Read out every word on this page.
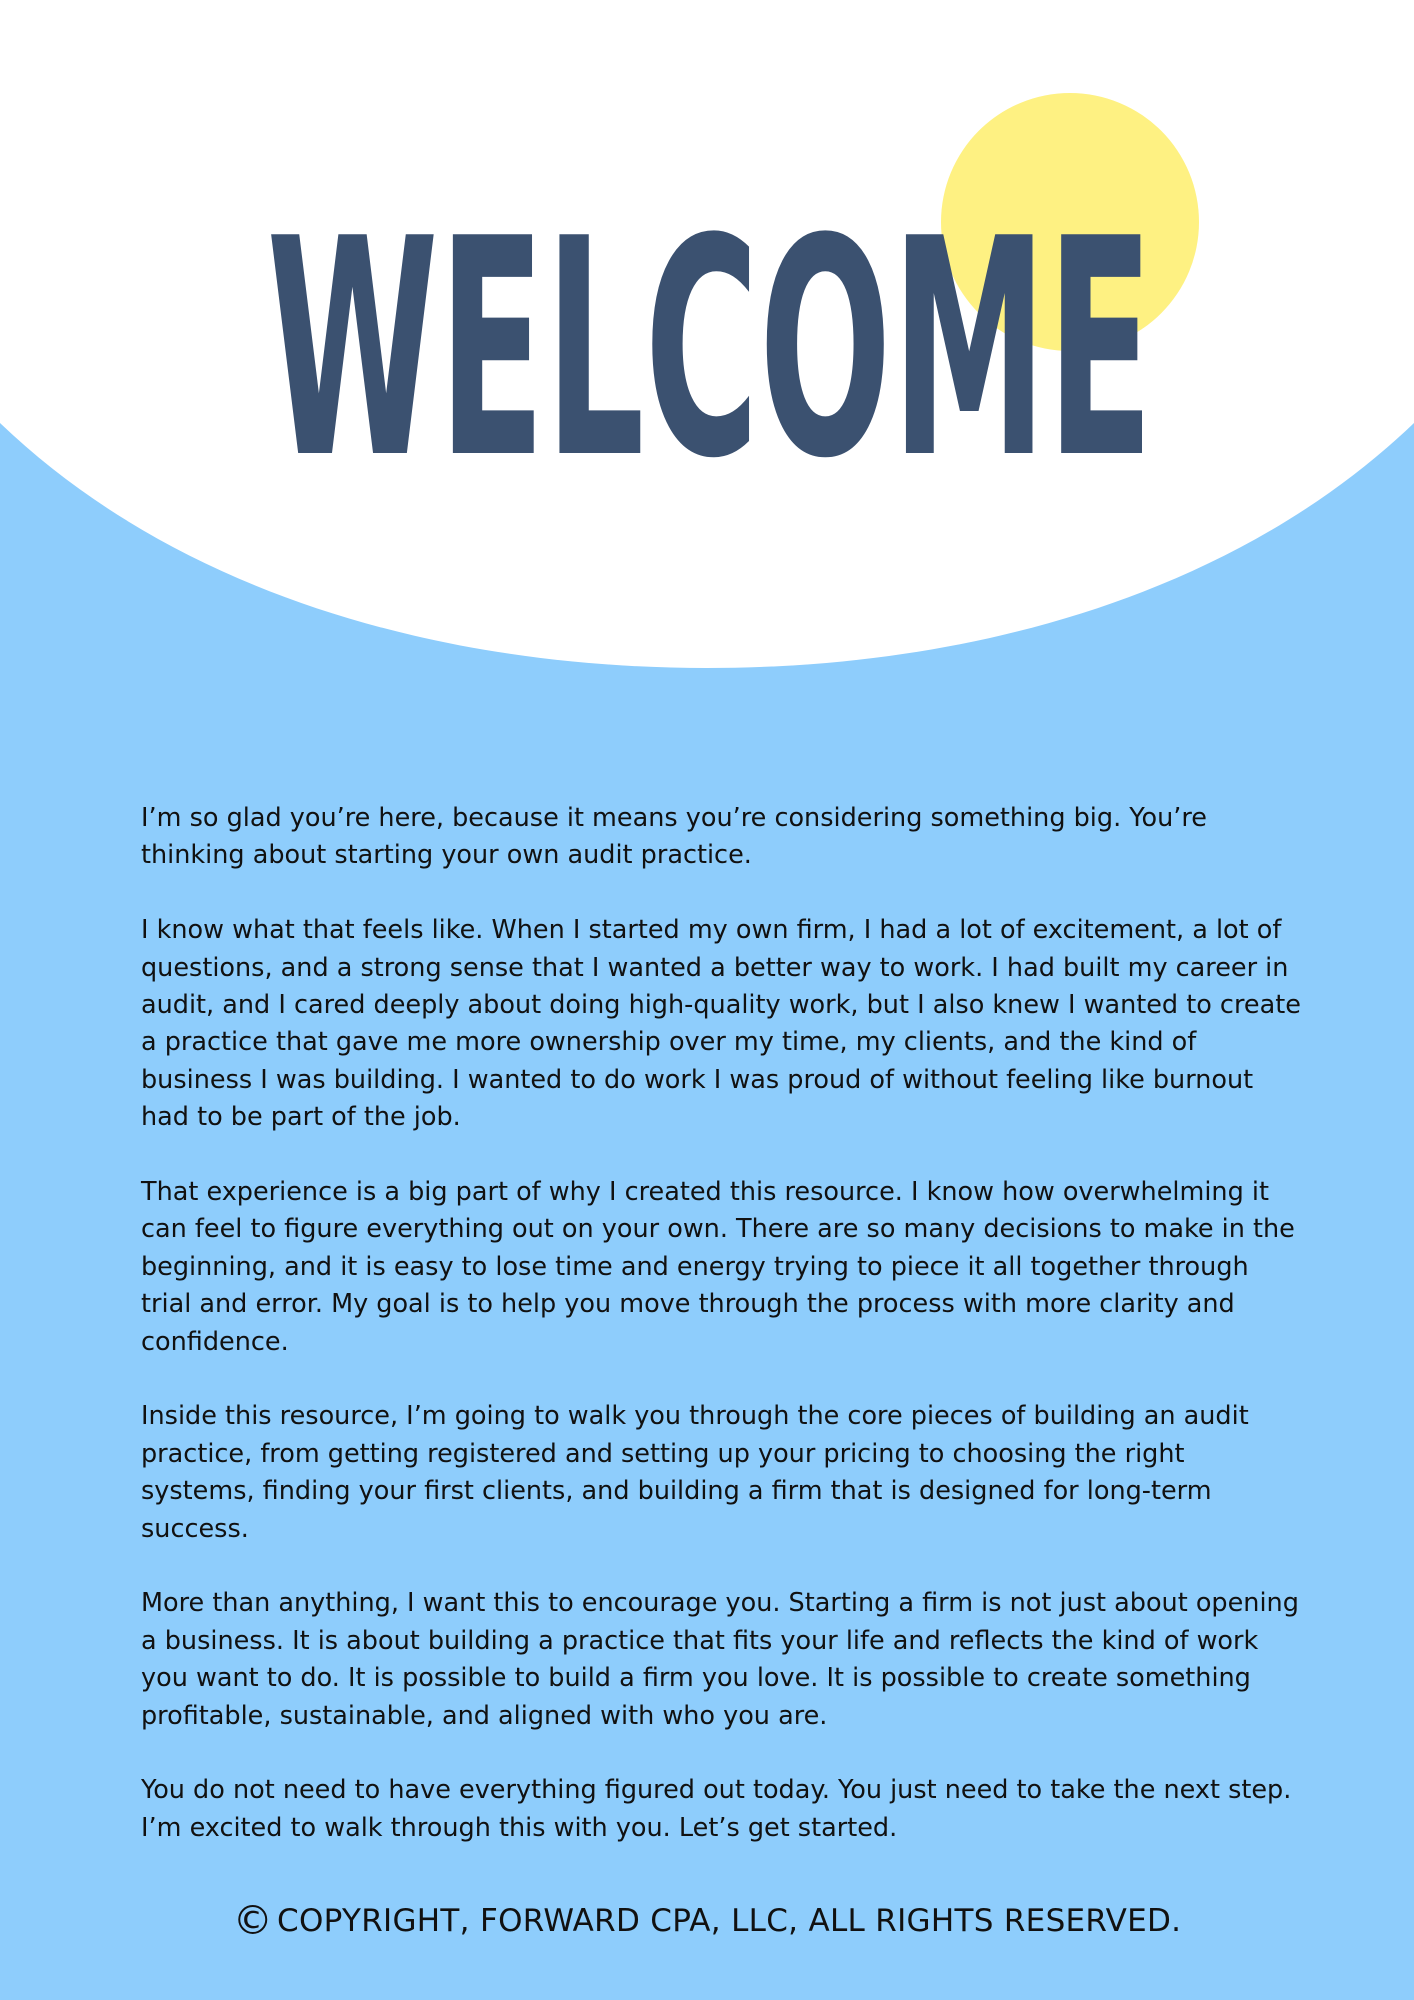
WELCOME

I’m so glad you’re here, because it means you’re considering something big. You’re thinking about starting your own audit practice.

I know what that feels like. When I started my own firm, I had a lot of excitement, a lot of questions, and a strong sense that I wanted a better way to work. I had built my career in audit, and I cared deeply about doing high-quality work, but I also knew I wanted to create a practice that gave me more ownership over my time, my clients, and the kind of business I was building. I wanted to do work I was proud of without feeling like burnout had to be part of the job.

That experience is a big part of why I created this resource. I know how overwhelming it can feel to figure everything out on your own. There are so many decisions to make in the beginning, and it is easy to lose time and energy trying to piece it all together through trial and error. My goal is to help you move through the process with more clarity and confidence.

Inside this resource, I’m going to walk you through the core pieces of building an audit practice, from getting registered and setting up your pricing to choosing the right systems, finding your first clients, and building a firm that is designed for long-term success.

More than anything, I want this to encourage you. Starting a firm is not just about opening a business. It is about building a practice that fits your life and reflects the kind of work you want to do. It is possible to build a firm you love. It is possible to create something profitable, sustainable, and aligned with who you are.

You do not need to have everything figured out today. You just need to take the next step. I’m excited to walk through this with you. Let’s get started.

© COPYRIGHT, FORWARD CPA, LLC, ALL RIGHTS RESERVED.
